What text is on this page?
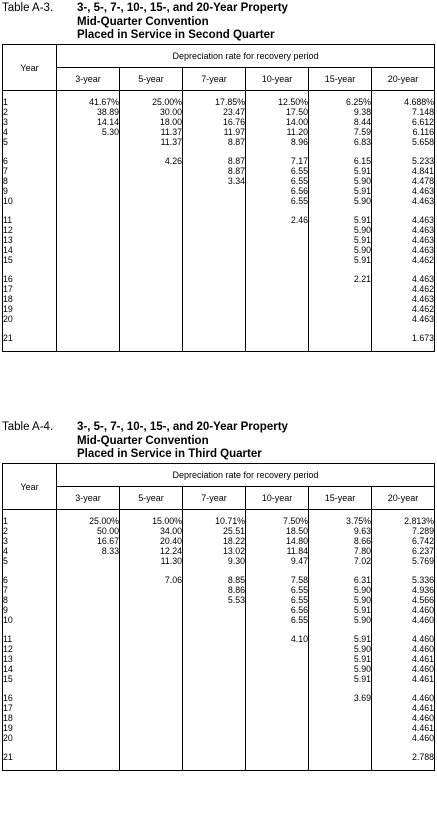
Table A-3. 3-, 5-, 7-, 10-, 15-, and 20-Year Property
Mid-Quarter Convention
Placed in Service in Second Quarter
Year	Depreciation rate for recovery period					
	3-year	5-year	7-year	10-year	15-year	20-year

1	41.67%	25.00%	17.85%	12.50%	6.25%	4.688%
2	38.89	30.00	23.47	17.50	9.38	7.148
3	14.14	18.00	16.76	14.00	8.44	6.612
4	5.30	11.37	11.97	11.20	7.59	6.116
5		11.37	8.87	8.96	6.83	5.658

6		4.26	8.87	7.17	6.15	5.233
7			8.87	6.55	5.91	4.841
8			3.34	6.55	5.90	4.478
9				6.56	5.91	4.463
10				6.55	5.90	4.463

11				2.46	5.91	4.463
12					5.90	4.463
13					5.91	4.463
14					5.90	4.463
15					5.91	4.462

16					2.21	4.463
17						4.462
18						4.463
19						4.462
20						4.463

21						1.673

Table A-4. 3-, 5-, 7-, 10-, 15-, and 20-Year Property
Mid-Quarter Convention
Placed in Service in Third Quarter
Year	Depreciation rate for recovery period					
	3-year	5-year	7-year	10-year	15-year	20-year

1	25.00%	15.00%	10.71%	7.50%	3.75%	2.813%
2	50.00	34.00	25.51	18.50	9.63	7.289
3	16.67	20.40	18.22	14.80	8.66	6.742
4	8.33	12.24	13.02	11.84	7.80	6.237
5		11.30	9.30	9.47	7.02	5.769

6		7.06	8.85	7.58	6.31	5.336
7			8.86	6.55	5.90	4.936
8			5.53	6.55	5.90	4.566
9				6.56	5.91	4.460
10				6.55	5.90	4.460

11				4.10	5.91	4.460
12					5.90	4.460
13					5.91	4.461
14					5.90	4.460
15					5.91	4.461

16					3.69	4.460
17						4.461
18						4.460
19						4.461
20						4.460

21						2.788
